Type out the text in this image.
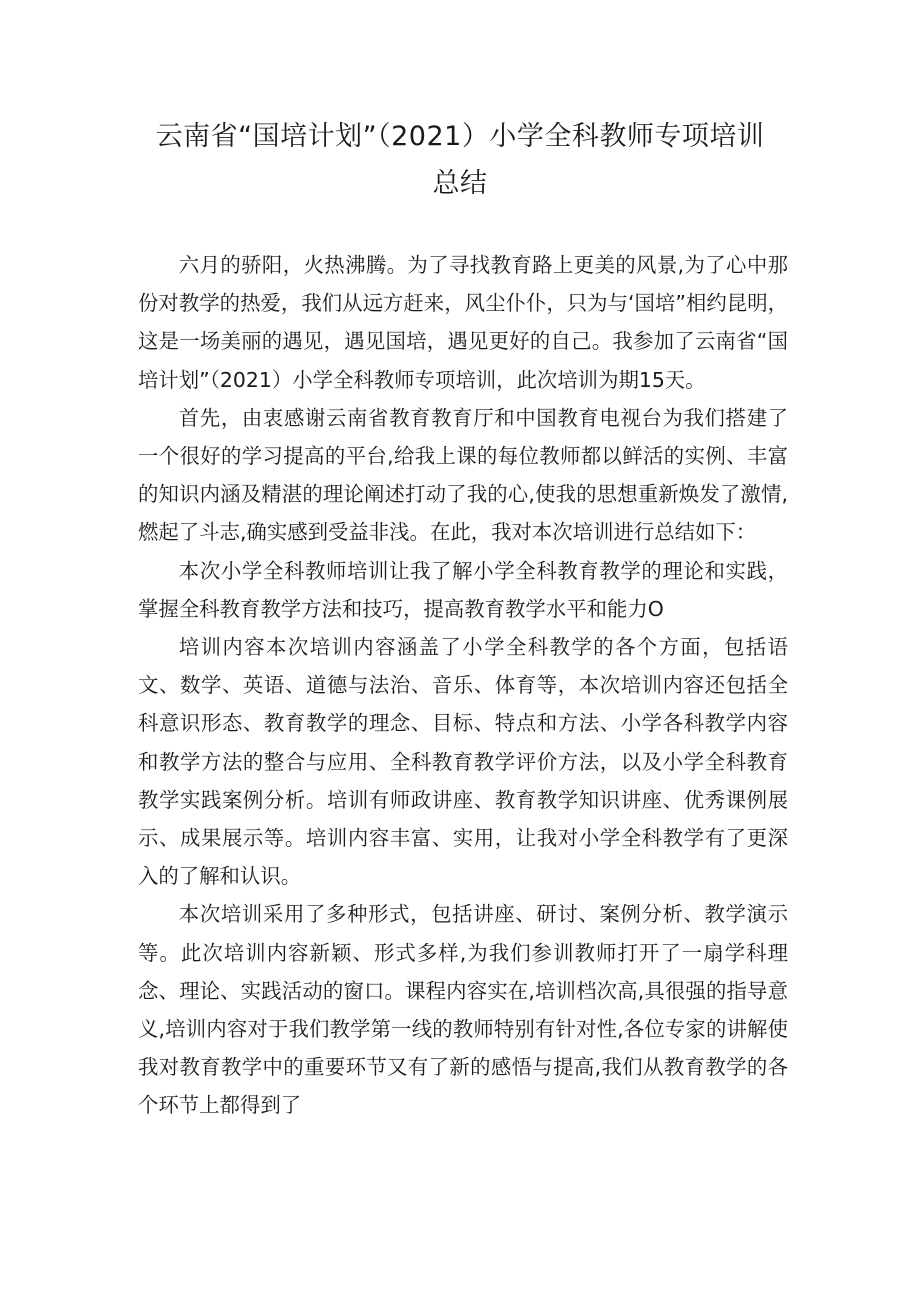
云南省“国培计划”（2021）小学全科教师专项培训
总结

六月的骄阳，火热沸腾。为了寻找教育路上更美的风景,为了心中那份对教学的热爱，我们从远方赶来，风尘仆仆，只为与‘国培”相约昆明，这是一场美丽的遇见，遇见国培，遇见更好的自己。我参加了云南省“国培计划”（2021）小学全科教师专项培训，此次培训为期15天。

首先，由衷感谢云南省教育教育厅和中国教育电视台为我们搭建了一个很好的学习提高的平台,给我上课的每位教师都以鲜活的实例、丰富的知识内涵及精湛的理论阐述打动了我的心,使我的思想重新焕发了激情,燃起了斗志,确实感到受益非浅。在此，我对本次培训进行总结如下：

本次小学全科教师培训让我了解小学全科教育教学的理论和实践，掌握全科教育教学方法和技巧，提高教育教学水平和能力O

培训内容本次培训内容涵盖了小学全科教学的各个方面，包括语文、数学、英语、道德与法治、音乐、体育等，本次培训内容还包括全科意识形态、教育教学的理念、目标、特点和方法、小学各科教学内容和教学方法的整合与应用、全科教育教学评价方法，以及小学全科教育教学实践案例分析。培训有师政讲座、教育教学知识讲座、优秀课例展示、成果展示等。培训内容丰富、实用，让我对小学全科教学有了更深入的了解和认识。

本次培训采用了多种形式，包括讲座、研讨、案例分析、教学演示等。此次培训内容新颖、形式多样,为我们参训教师打开了一扇学科理念、理论、实践活动的窗口。课程内容实在,培训档次高,具很强的指导意义,培训内容对于我们教学第一线的教师特别有针对性,各位专家的讲解使我对教育教学中的重要环节又有了新的感悟与提高,我们从教育教学的各个环节上都得到了
